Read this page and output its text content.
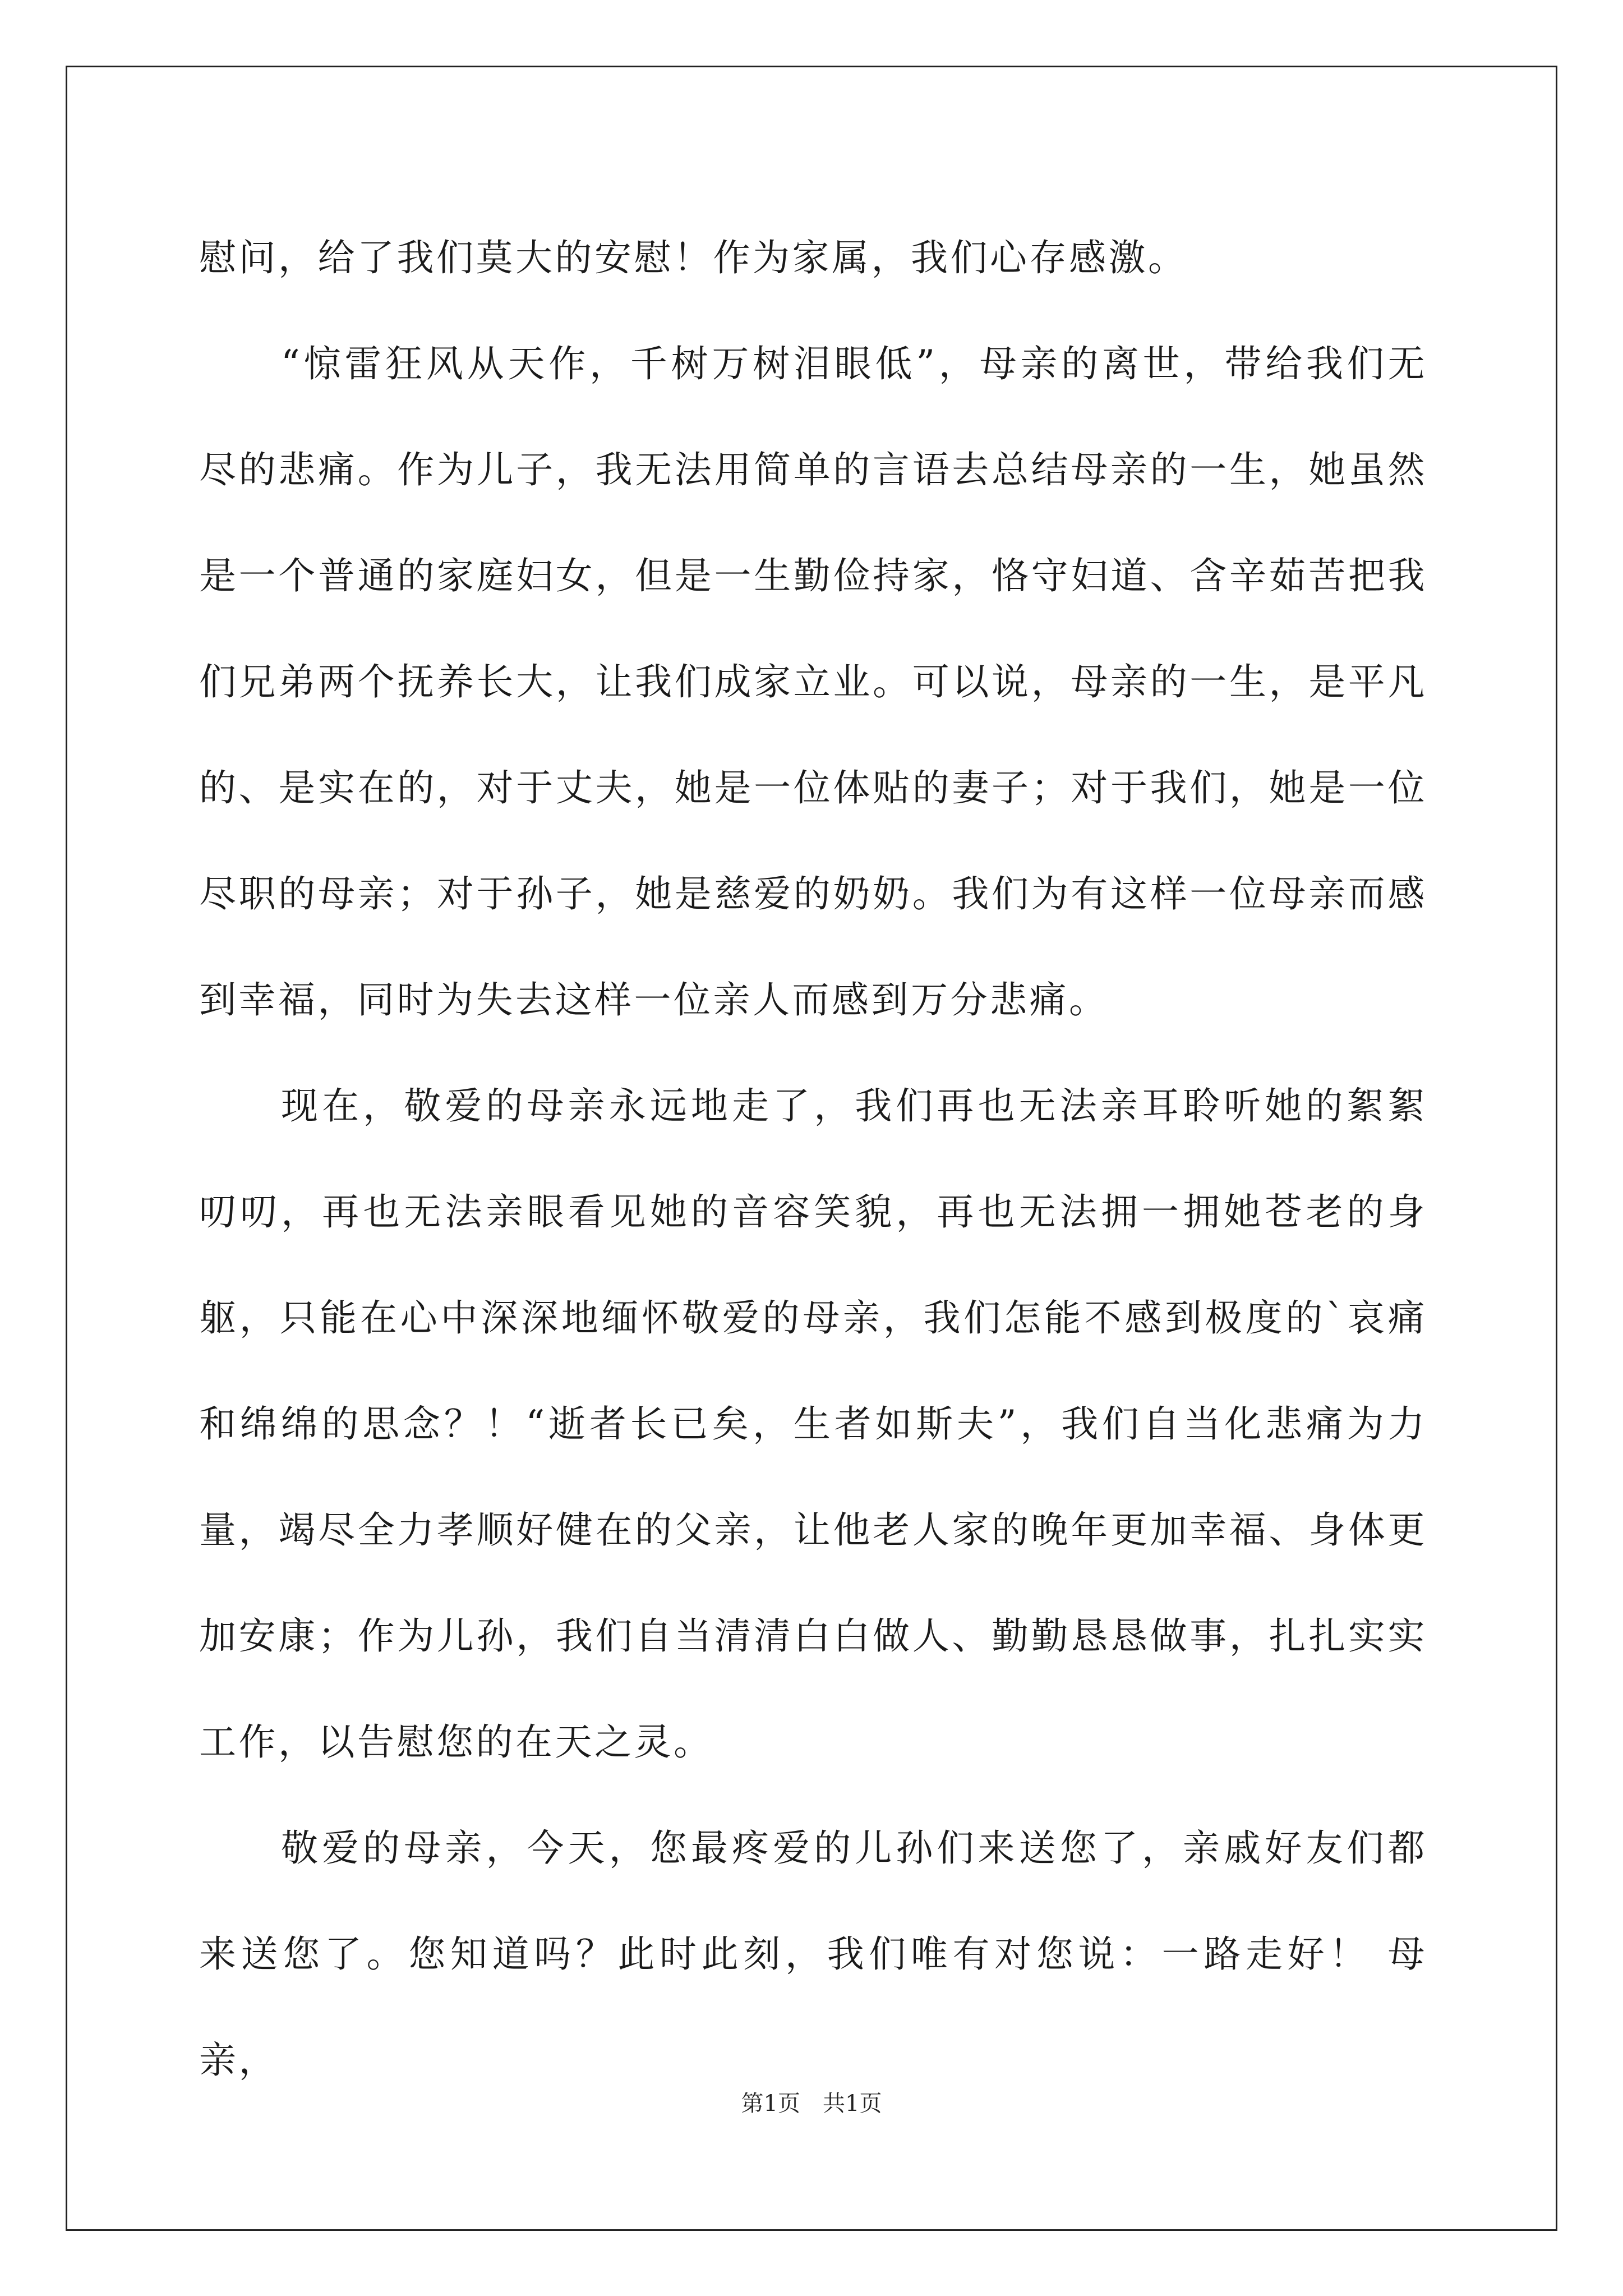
慰问，给了我们莫大的安慰！作为家属，我们心存感激。

“惊雷狂风从天作，千树万树泪眼低”，母亲的离世，带给我们无尽的悲痛。作为儿子，我无法用简单的言语去总结母亲的一生，她虽然是一个普通的家庭妇女，但是一生勤俭持家，恪守妇道、含辛茹苦把我们兄弟两个抚养长大，让我们成家立业。可以说，母亲的一生，是平凡的、是实在的，对于丈夫，她是一位体贴的妻子；对于我们，她是一位尽职的母亲；对于孙子，她是慈爱的奶奶。我们为有这样一位母亲而感到幸福，同时为失去这样一位亲人而感到万分悲痛。

现在，敬爱的母亲永远地走了，我们再也无法亲耳聆听她的絮絮叨叨，再也无法亲眼看见她的音容笑貌，再也无法拥一拥她苍老的身躯，只能在心中深深地缅怀敬爱的母亲，我们怎能不感到极度的`哀痛和绵绵的思念？！“逝者长已矣，生者如斯夫”，我们自当化悲痛为力量，竭尽全力孝顺好健在的父亲，让他老人家的晚年更加幸福、身体更加安康；作为儿孙，我们自当清清白白做人、勤勤恳恳做事，扎扎实实工作，以告慰您的在天之灵。

敬爱的母亲，今天，您最疼爱的儿孙们来送您了，亲戚好友们都来送您了。您知道吗？此时此刻，我们唯有对您说：一路走好！ 母亲，

第1页　共1页
